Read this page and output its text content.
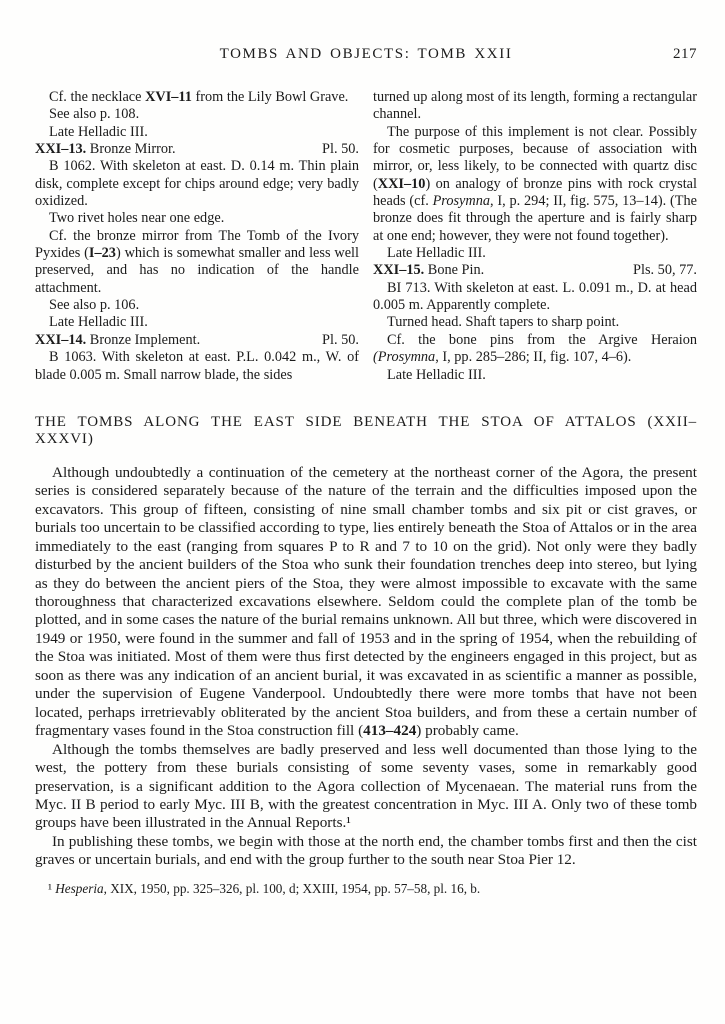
TOMBS AND OBJECTS: TOMB XXII	217

Cf. the necklace XVI–11 from the Lily Bowl Grave.

See also p. 108.

Late Helladic III.

XXI–13. Bronze Mirror.	Pl. 50.

B 1062. With skeleton at east. D. 0.14 m. Thin plain disk, complete except for chips around edge; very badly oxidized.

Two rivet holes near one edge.

Cf. the bronze mirror from The Tomb of the Ivory Pyxides (I–23) which is somewhat smaller and less well preserved, and has no indication of the handle attachment.

See also p. 106.

Late Helladic III.

XXI–14. Bronze Implement.	Pl. 50.

B 1063. With skeleton at east. P.L. 0.042 m., W. of blade 0.005 m. Small narrow blade, the sides

turned up along most of its length, forming a rectangular channel.

The purpose of this implement is not clear. Possibly for cosmetic purposes, because of association with mirror, or, less likely, to be connected with quartz disc (XXI–10) on analogy of bronze pins with rock crystal heads (cf. Prosymna, I, p. 294; II, fig. 575, 13–14). (The bronze does fit through the aperture and is fairly sharp at one end; however, they were not found together).

Late Helladic III.

XXI–15. Bone Pin.	Pls. 50, 77.

BI 713. With skeleton at east. L. 0.091 m., D. at head 0.005 m. Apparently complete.

Turned head. Shaft tapers to sharp point.

Cf. the bone pins from the Argive Heraion (Prosymna, I, pp. 285–286; II, fig. 107, 4–6).

Late Helladic III.

THE TOMBS ALONG THE EAST SIDE BENEATH THE STOA OF ATTALOS (XXII–XXXVI)

Although undoubtedly a continuation of the cemetery at the northeast corner of the Agora, the present series is considered separately because of the nature of the terrain and the difficulties imposed upon the excavators. This group of fifteen, consisting of nine small chamber tombs and six pit or cist graves, or burials too uncertain to be classified according to type, lies entirely beneath the Stoa of Attalos or in the area immediately to the east (ranging from squares P to R and 7 to 10 on the grid). Not only were they badly disturbed by the ancient builders of the Stoa who sunk their foundation trenches deep into stereo, but lying as they do between the ancient piers of the Stoa, they were almost impossible to excavate with the same thoroughness that characterized excavations elsewhere. Seldom could the complete plan of the tomb be plotted, and in some cases the nature of the burial remains unknown. All but three, which were discovered in 1949 or 1950, were found in the summer and fall of 1953 and in the spring of 1954, when the rebuilding of the Stoa was initiated. Most of them were thus first detected by the engineers engaged in this project, but as soon as there was any indication of an ancient burial, it was excavated in as scientific a manner as possible, under the supervision of Eugene Vanderpool. Undoubtedly there were more tombs that have not been located, perhaps irretrievably obliterated by the ancient Stoa builders, and from these a certain number of fragmentary vases found in the Stoa construction fill (413–424) probably came.

Although the tombs themselves are badly preserved and less well documented than those lying to the west, the pottery from these burials consisting of some seventy vases, some in remarkably good preservation, is a significant addition to the Agora collection of Mycenaean. The material runs from the Myc. II B period to early Myc. III B, with the greatest concentration in Myc. III A. Only two of these tomb groups have been illustrated in the Annual Reports.¹

In publishing these tombs, we begin with those at the north end, the chamber tombs first and then the cist graves or uncertain burials, and end with the group further to the south near Stoa Pier 12.

¹ Hesperia, XIX, 1950, pp. 325–326, pl. 100, d; XXIII, 1954, pp. 57–58, pl. 16, b.
